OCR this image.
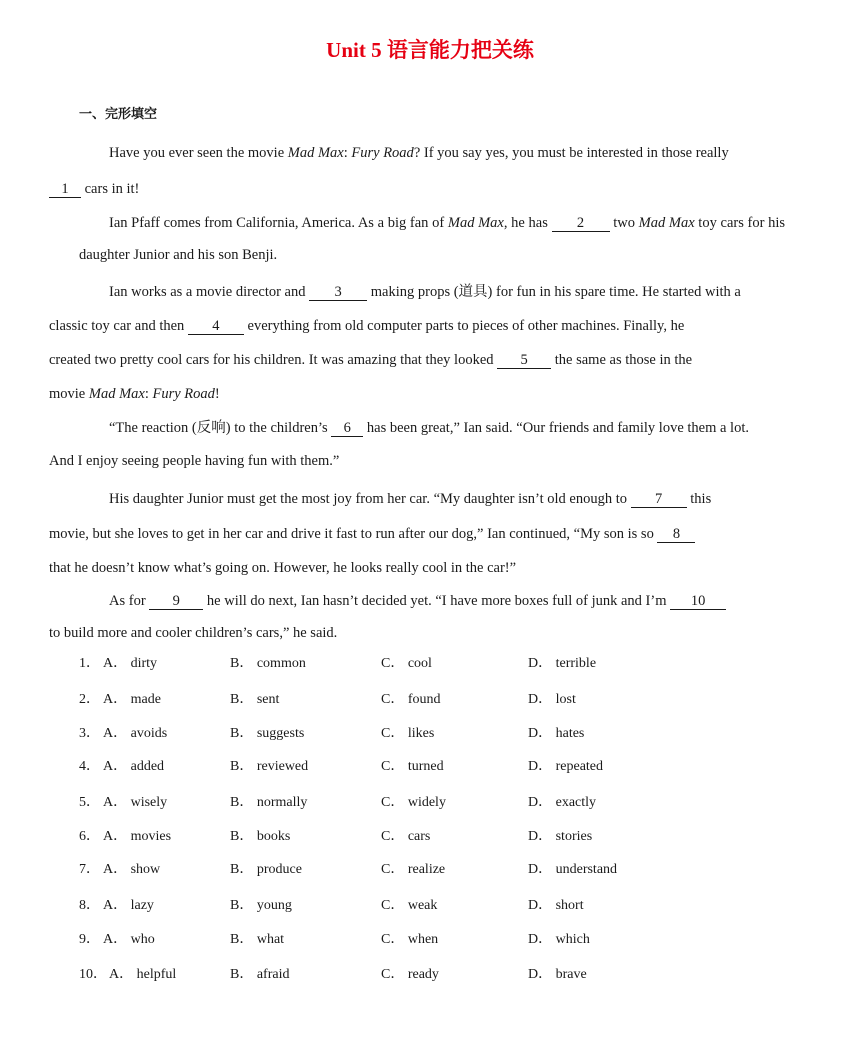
Unit 5 语言能力把关练
一、完形填空
Have you ever seen the movie Mad Max: Fury Road? If you say yes, you must be interested in those really
1 cars in it!
Ian Pfaff comes from California, America. As a big fan of Mad Max, he has 2 two Mad Max toy cars for his daughter Junior and his son Benji.
Ian works as a movie director and 3 making props (道具) for fun in his spare time. He started with a
classic toy car and then 4 everything from old computer parts to pieces of other machines. Finally, he
created two pretty cool cars for his children. It was amazing that they looked 5 the same as those in the
movie Mad Max: Fury Road!
“The reaction (反响) to the children’s 6 has been great,” Ian said. “Our friends and family love them a lot.
And I enjoy seeing people having fun with them.”
His daughter Junior must get the most joy from her car. “My daughter isn’t old enough to 7 this
movie, but she loves to get in her car and drive it fast to run after our dog,” Ian continued, “My son is so 8
that he doesn’t know what’s going on. However, he looks really cool in the car!”
As for 9 he will do next, Ian hasn’t decided yet. “I have more boxes full of junk and I’m 10
to build more and cooler children’s cars,” he said.
1． A． dirty	B． common	C． cool	D． terrible
2． A． made	B． sent	C． found	D． lost
3． A． avoids	B． suggests	C． likes	D． hates
4． A． added	B． reviewed	C． turned	D． repeated
5． A． wisely	B． normally	C． widely	D． exactly
6． A． movies	B． books	C． cars	D． stories
7． A． show	B． produce	C． realize	D． understand
8． A． lazy	B． young	C． weak	D． short
9． A． who	B． what	C． when	D． which
10． A． helpful	B． afraid	C． ready	D． brave
